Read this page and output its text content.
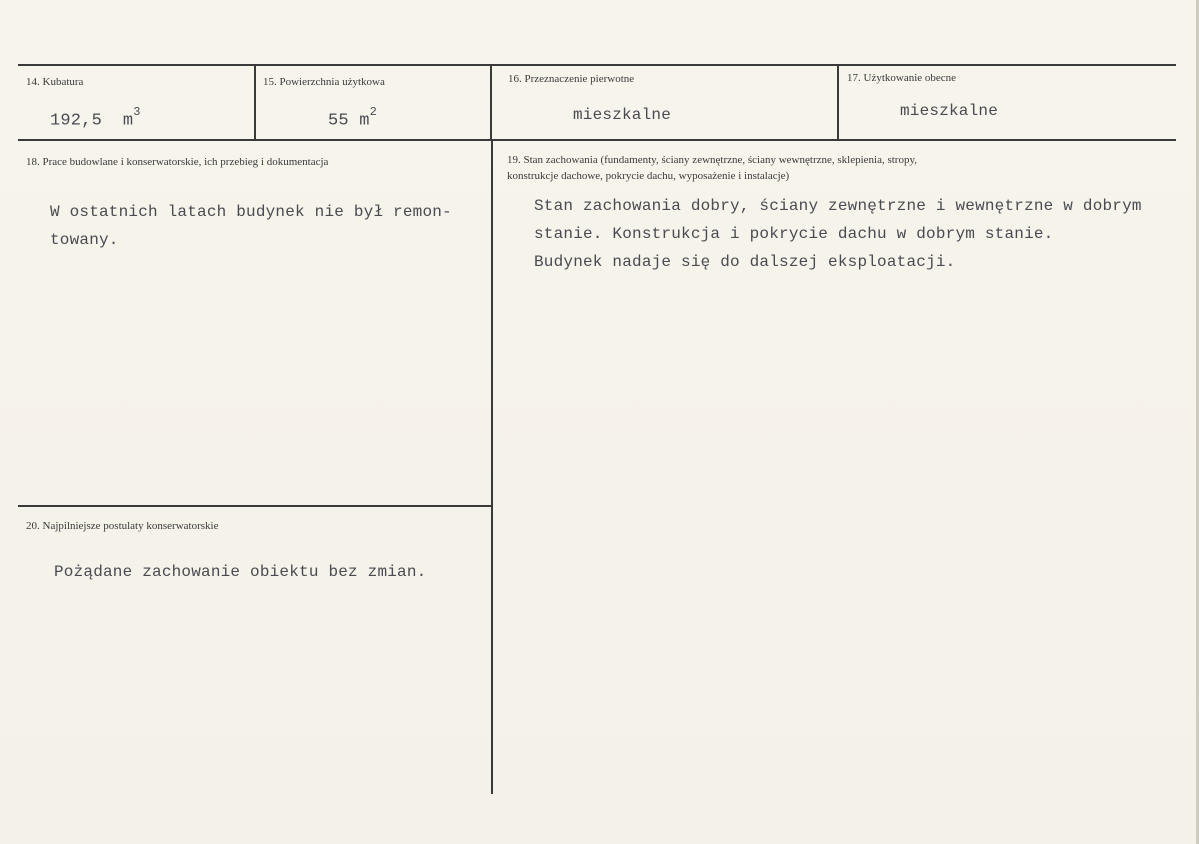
14. Kubatura
192,5 $m^3$
15. Powierzchnia użytkowa
55 $m^2$
16. Przeznaczenie pierwotne
mieszkalne
17. Użytkowanie obecne
mieszkalne
18. Prace budowlane i konserwatorskie, ich przebieg i dokumentacja
W ostatnich latach budynek nie był remon-
towany.
19. Stan zachowania (fundamenty, ściany zewnętrzne, ściany wewnętrzne, sklepienia, stropy,
konstrukcje dachowe, pokrycie dachu, wyposażenie i instalacje)
Stan zachowania dobry, ściany zewnętrzne i wewnętrzne w dobrym
stanie. Konstrukcja i pokrycie dachu w dobrym stanie.
Budynek nadaje się do dalszej eksploatacji.
20. Najpilniejsze postulaty konserwatorskie
Pożądane zachowanie obiektu bez zmian.
